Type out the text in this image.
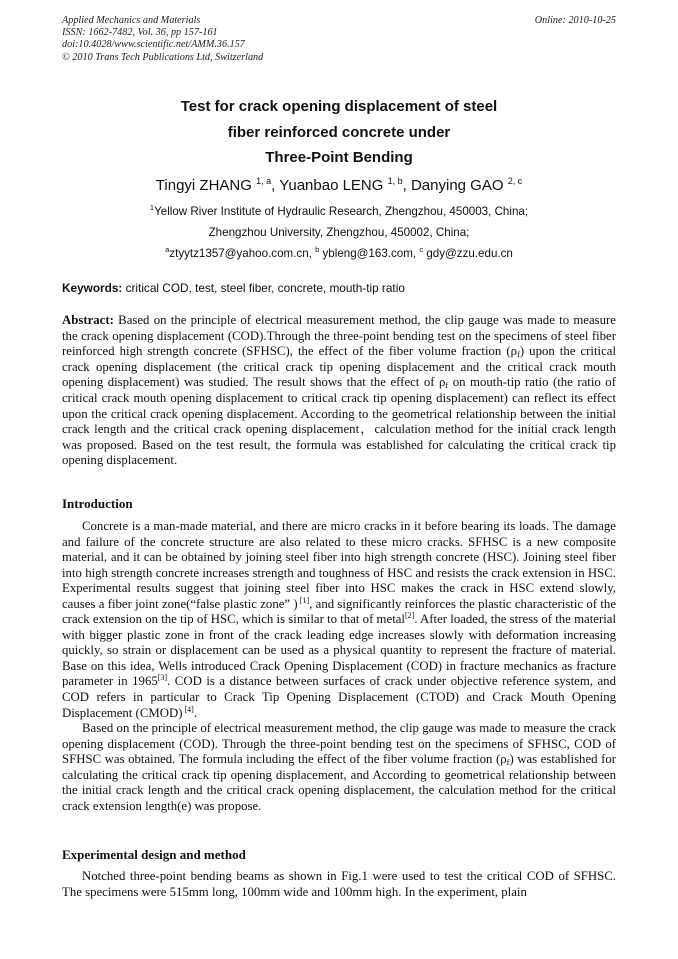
Applied Mechanics and Materials
ISSN: 1662-7482, Vol. 36, pp 157-161
doi:10.4028/www.scientific.net/AMM.36.157
© 2010 Trans Tech Publications Ltd, Switzerland
Online: 2010-10-25
Test for crack opening displacement of steel
fiber reinforced concrete under
Three-Point Bending
Tingyi ZHANG $^{1, a}$, Yuanbao LENG $^{1, b}$, Danying GAO $^{2, c}$
$^1$Yellow River Institute of Hydraulic Research, Zhengzhou, 450003, China;
Zhengzhou University, Zhengzhou, 450002, China;
$^a$ztyytz1357@yahoo.com.cn, $^b$ ybleng@163.com, $^c$ gdy@zzu.edu.cn
Keywords: critical COD, test, steel fiber, concrete, mouth-tip ratio
Abstract: Based on the principle of electrical measurement method, the clip gauge was made to measure the crack opening displacement (COD).Through the three-point bending test on the specimens of steel fiber reinforced high strength concrete (SFHSC), the effect of the fiber volume fraction $(\rho_f)$ upon the critical crack opening displacement (the critical crack tip opening displacement and the critical crack mouth opening displacement) was studied. The result shows that the effect of $\rho_f$ on mouth-tip ratio (the ratio of critical crack mouth opening displacement to critical crack tip opening displacement) can reflect its effect upon the critical crack opening displacement. According to the geometrical relationship between the initial crack length and the critical crack opening displacement，calculation method for the initial crack length was proposed. Based on the test result, the formula was established for calculating the critical crack tip opening displacement.
Introduction

Concrete is a man-made material, and there are micro cracks in it before bearing its loads. The damage and failure of the concrete structure are also related to these micro cracks. SFHSC is a new composite material, and it can be obtained by joining steel fiber into high strength concrete (HSC). Joining steel fiber into high strength concrete increases strength and toughness of HSC and resists the crack extension in HSC. Experimental results suggest that joining steel fiber into HSC makes the crack in HSC extend slowly, causes a fiber joint zone(“false plastic zone” ) [1], and significantly reinforces the plastic characteristic of the crack extension on the tip of HSC, which is similar to that of metal[2]. After loaded, the stress of the material with bigger plastic zone in front of the crack leading edge increases slowly with deformation increasing quickly, so strain or displacement can be used as a physical quantity to represent the fracture of material. Base on this idea, Wells introduced Crack Opening Displacement (COD) in fracture mechanics as fracture parameter in 1965[3]. COD is a distance between surfaces of crack under objective reference system, and COD refers in particular to Crack Tip Opening Displacement (CTOD) and Crack Mouth Opening Displacement (CMOD) [4].

Based on the principle of electrical measurement method, the clip gauge was made to measure the crack opening displacement (COD). Through the three-point bending test on the specimens of SFHSC, COD of SFHSC was obtained. The formula including the effect of the fiber volume fraction $(\rho_f)$ was established for calculating the critical crack tip opening displacement, and According to geometrical relationship between the initial crack length and the critical crack opening displacement, the calculation method for the critical crack extension length(e) was propose.

Experimental design and method

Notched three-point bending beams as shown in Fig.1 were used to test the critical COD of SFHSC. The specimens were 515mm long, 100mm wide and 100mm high. In the experiment, plain
